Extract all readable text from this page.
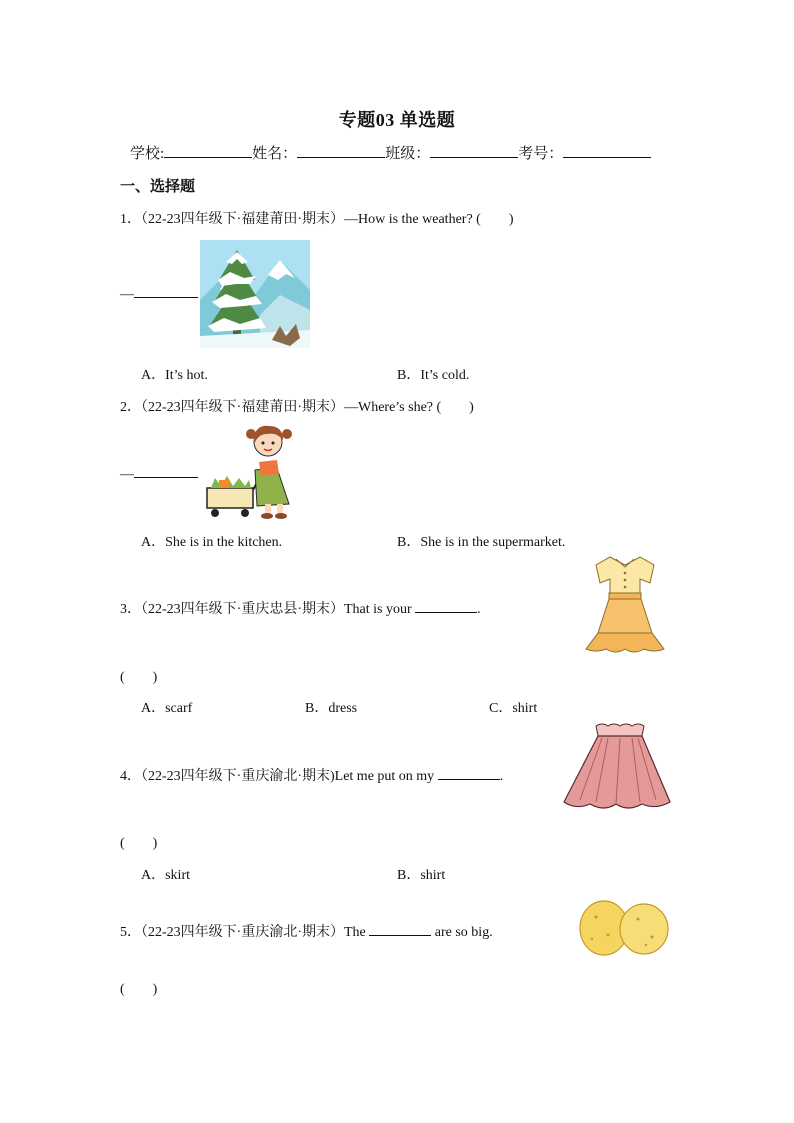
专题03 单选题
学校:	姓名：	班级：	考号：
一、选择题
1．（22-23四年级下·福建莆田·期末）—How is the weather? (　　)
—
A．It’s hot.	B．It’s cold.
2．（22-23四年级下·福建莆田·期末）—Where’s she? (　　)
—
A．She is in the kitchen.	B．She is in the supermarket.
3．（22-23四年级下·重庆忠县·期末）That is your	.
(　　)
A．scarf	B．dress	C．shirt
4．（22-23四年级下·重庆渝北·期末)Let me put on my	.
(　　)
A．skirt	B．shirt
5．（22-23四年级下·重庆渝北·期末）The	are so big.
(　　)
